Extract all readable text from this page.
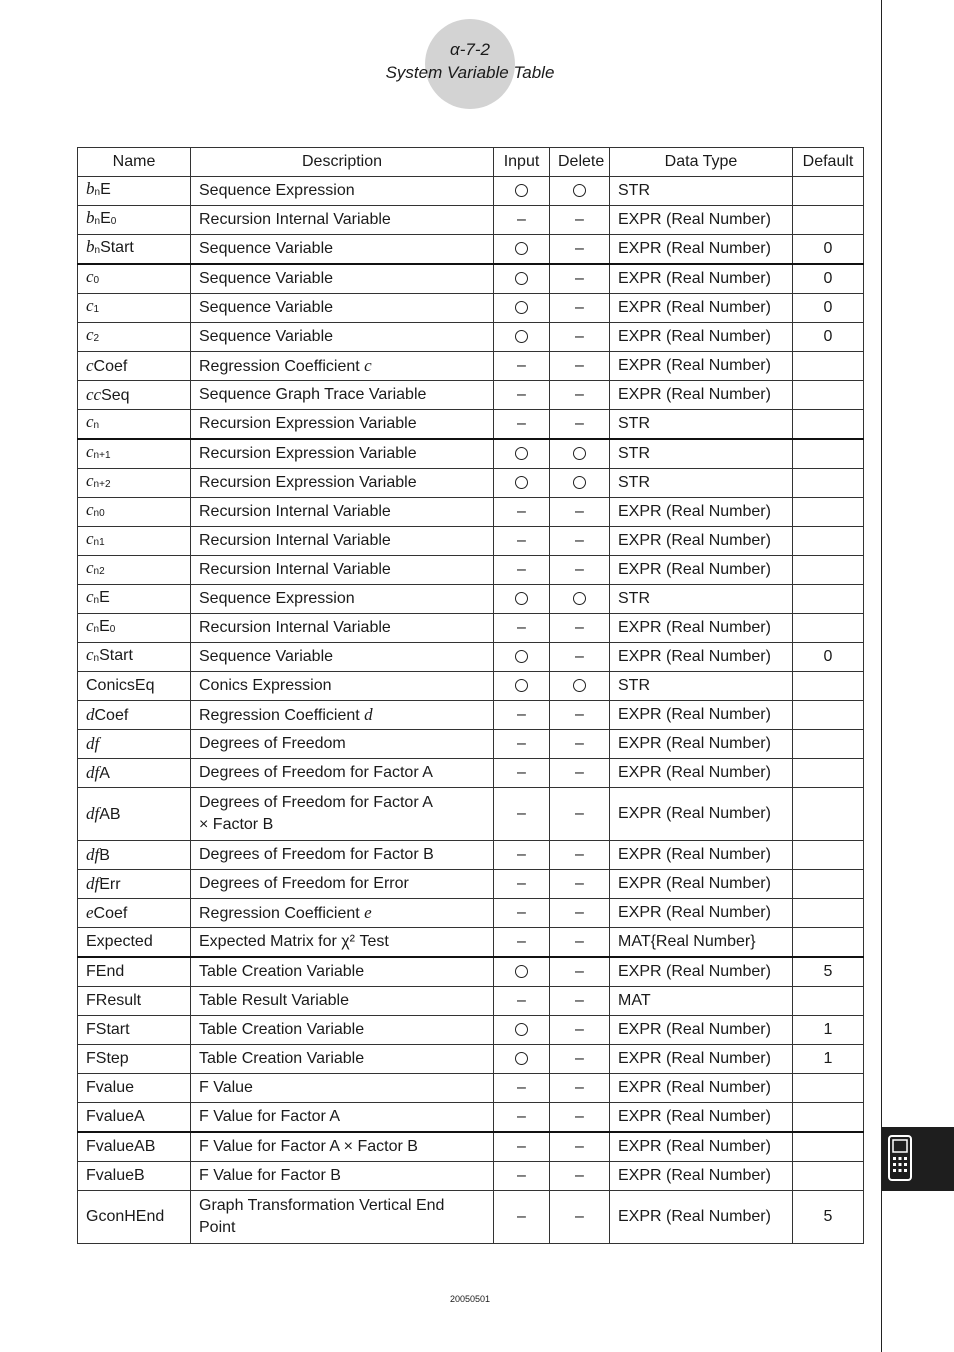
α-7-2
System Variable Table
Name	Description	Input	Delete	Data Type	Default
bnE	Sequence Expression			STR	
bnE0	Recursion Internal Variable	–	–	EXPR (Real Number)	
bnStart	Sequence Variable		–	EXPR (Real Number)	0
c0	Sequence Variable		–	EXPR (Real Number)	0
c1	Sequence Variable		–	EXPR (Real Number)	0
c2	Sequence Variable		–	EXPR (Real Number)	0
cCoef	Regression Coefficient c	–	–	EXPR (Real Number)	
ccSeq	Sequence Graph Trace Variable	–	–	EXPR (Real Number)	
cn	Recursion Expression Variable	–	–	STR	
cn+1	Recursion Expression Variable			STR	
cn+2	Recursion Expression Variable			STR	
cn0	Recursion Internal Variable	–	–	EXPR (Real Number)	
cn1	Recursion Internal Variable	–	–	EXPR (Real Number)	
cn2	Recursion Internal Variable	–	–	EXPR (Real Number)	
cnE	Sequence Expression			STR	
cnE0	Recursion Internal Variable	–	–	EXPR (Real Number)	
cnStart	Sequence Variable		–	EXPR (Real Number)	0
ConicsEq	Conics Expression			STR	
dCoef	Regression Coefficient d	–	–	EXPR (Real Number)	
df	Degrees of Freedom	–	–	EXPR (Real Number)	
dfA	Degrees of Freedom for Factor A	–	–	EXPR (Real Number)	
dfAB	Degrees of Freedom for Factor A
× Factor B	–	–	EXPR (Real Number)	
dfB	Degrees of Freedom for Factor B	–	–	EXPR (Real Number)	
dfErr	Degrees of Freedom for Error	–	–	EXPR (Real Number)	
eCoef	Regression Coefficient e	–	–	EXPR (Real Number)	
Expected	Expected Matrix for χ² Test	–	–	MAT{Real Number}	
FEnd	Table Creation Variable		–	EXPR (Real Number)	5
FResult	Table Result Variable	–	–	MAT	
FStart	Table Creation Variable		–	EXPR (Real Number)	1
FStep	Table Creation Variable		–	EXPR (Real Number)	1
Fvalue	F Value	–	–	EXPR (Real Number)	
FvalueA	F Value for Factor A	–	–	EXPR (Real Number)	
FvalueAB	F Value for Factor A × Factor B	–	–	EXPR (Real Number)	
FvalueB	F Value for Factor B	–	–	EXPR (Real Number)	
GconHEnd	Graph Transformation Vertical End
Point	–	–	EXPR (Real Number)	5
20050501
